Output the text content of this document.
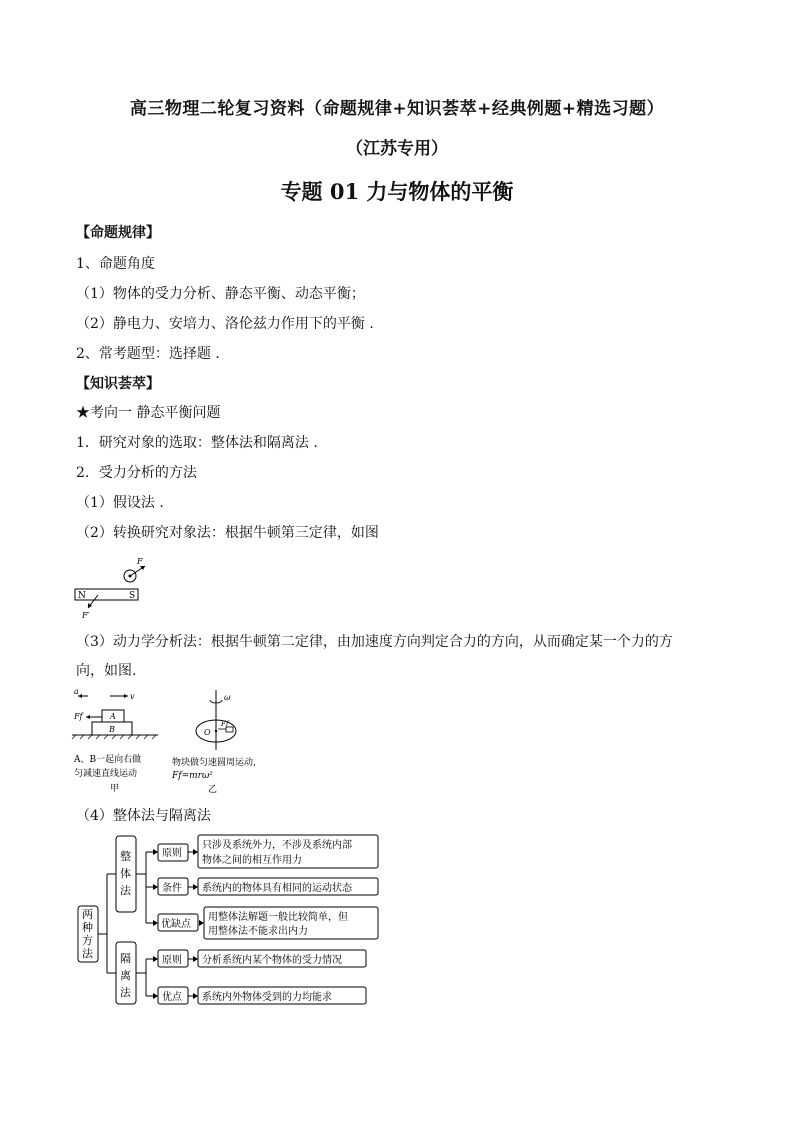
高三物理二轮复习资料（命题规律+知识荟萃+经典例题+精选习题）
（江苏专用）
专题 01 力与物体的平衡
【命题规律】
1、命题角度
（1）物体的受力分析、静态平衡、动态平衡；
（2）静电力、安培力、洛伦兹力作用下的平衡 .
2、常考题型：选择题 .
【知识荟萃】
★考向一 静态平衡问题
1．研究对象的选取：整体法和隔离法 .
2．受力分析的方法
（1）假设法 .
（2）转换研究对象法：根据牛顿第三定律，如图
N	S
F
F′
（3）动力学分析法：根据牛顿第二定律，由加速度方向判定合力的方向，从而确定某一个力的方
向，如图.
a
v
Ff	A
B
A、B一起向右做
匀减速直线运动
甲
ω
O
Ff
物块做匀速圆周运动,
Ff=mrω²
乙
（4）整体法与隔离法
两种 方法
整体法
隔离法
原则
条件
优缺点
原则
优点
只涉及系统外力，不涉及系统内部
物体之间的相互作用力
系统内的物体具有相同的运动状态
用整体法解题一般比较简单，但
用整体法不能求出内力
分析系统内某个物体的受力情况
系统内外物体受到的力均能求
